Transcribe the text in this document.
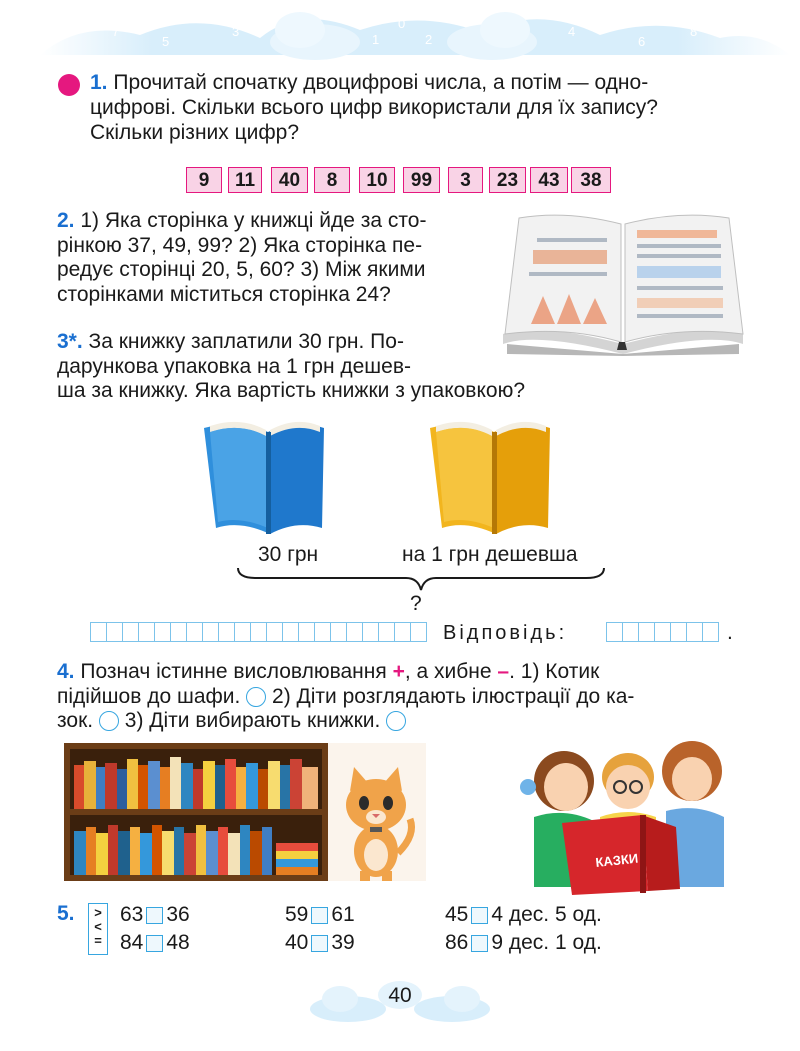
7
5
3
1
0
2
4
6
8
1. Прочитай спочатку двоцифрові числа, а потім — одно-
цифрові. Скільки всього цифр використали для їх запису?
Скільки різних цифр?
9	11	40	8	10	99	3	23	43	38
2. 1) Яка сторінка у книжці йде за сто-
рінкою 37, 49, 99? 2) Яка сторінка пе-
редує сторінці 20, 5, 60? 3) Між якими
сторінками міститься сторінка 24?
3*. За книжку заплатили 30 грн. По-
дарункова упаковка на 1 грн дешев-
ша за книжку. Яка вартість книжки з упаковкою?
30 грн	на 1 грн дешевша
?
Відповідь:	.
4. Познач істинне висловлювання +, а хибне –. 1) Котик
підійшов до шафи. 2) Діти розглядають ілюстрації до ка-
зок. 3) Діти вибирають книжки.
КАЗКИ
5.	>
<
=
63 36
84 48
59 61
40 39
45 4 дес. 5 од.
86 9 дес. 1 од.
40
